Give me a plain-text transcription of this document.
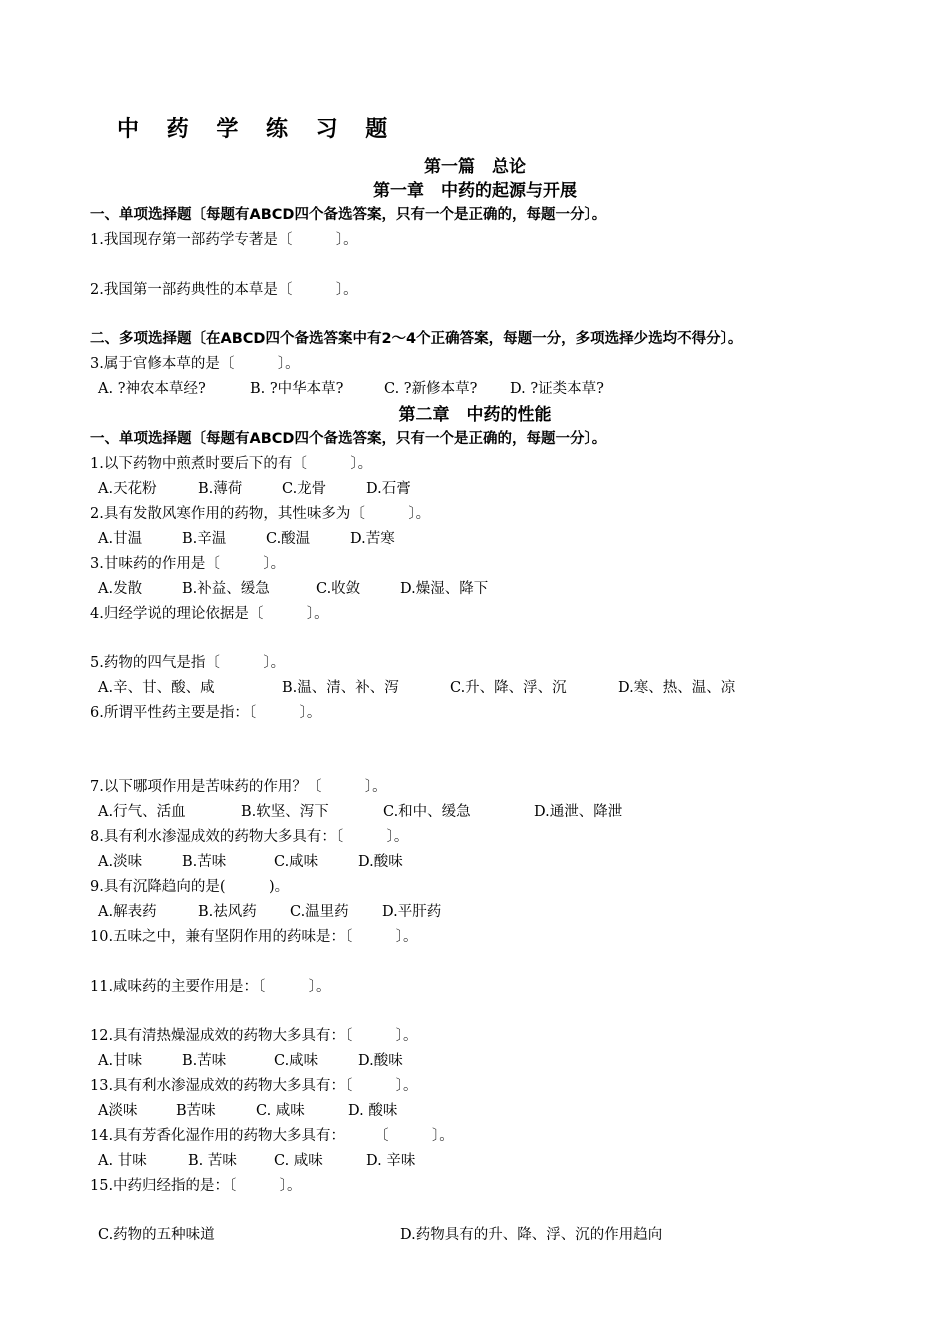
中 药 学 练 习 题
第一篇　总论
第一章　中药的起源与开展
一、单项选择题〔每题有ABCD四个备选答案，只有一个是正确的，每题一分〕。
1.我国现存第一部药学专著是〔　　　〕。
2.我国第一部药典性的本草是〔　　　〕。
二、多项选择题〔在ABCD四个备选答案中有2～4个正确答案，每题一分，多项选择少选均不得分〕。
3.属于官修本草的是〔　　　〕。
A. ?神农本草经?	B. ?中华本草?	C. ?新修本草? D. ?证类本草?
第二章　中药的性能
一、单项选择题〔每题有ABCD四个备选答案，只有一个是正确的，每题一分〕。
1.以下药物中煎煮时要后下的有〔　　　〕。
A.天花粉	B.薄荷	C.龙骨	D.石膏
2.具有发散风寒作用的药物，其性味多为〔　　　〕。
A.甘温	B.辛温	C.酸温	D.苦寒
3.甘味药的作用是〔　　　〕。
A.发散	B.补益、缓急	C.收敛	D.燥湿、降下
4.归经学说的理论依据是〔　　　〕。
5.药物的四气是指〔　　　〕。
A.辛、甘、酸、咸	B.温、清、补、泻	C.升、降、浮、沉	D.寒、热、温、凉
6.所谓平性药主要是指：〔　　　〕。
7.以下哪项作用是苦味药的作用？〔　　　〕。
A.行气、活血	B.软坚、泻下	C.和中、缓急	D.通泄、降泄
8.具有利水渗湿成效的药物大多具有：〔　　　〕。
A.淡味	B.苦味	C.咸味	D.酸味
9.具有沉降趋向的是(　　　)。
A.解表药	B.祛风药 C.温里药 D.平肝药
10.五味之中，兼有坚阴作用的药味是：〔　　　〕。
11.咸味药的主要作用是：〔　　　〕。
12.具有清热燥湿成效的药物大多具有：〔　　　〕。
A.甘味	B.苦味	C.咸味	D.酸味
13.具有利水渗湿成效的药物大多具有：〔　　　〕。
A淡味	B苦味	C. 咸味	D. 酸味
14.具有芳香化湿作用的药物大多具有：　　　〔　　　〕。
A. 甘味	B. 苦味	C. 咸味	D. 辛味
15.中药归经指的是：〔　　　〕。
C.药物的五种味道	D.药物具有的升、降、浮、沉的作用趋向
